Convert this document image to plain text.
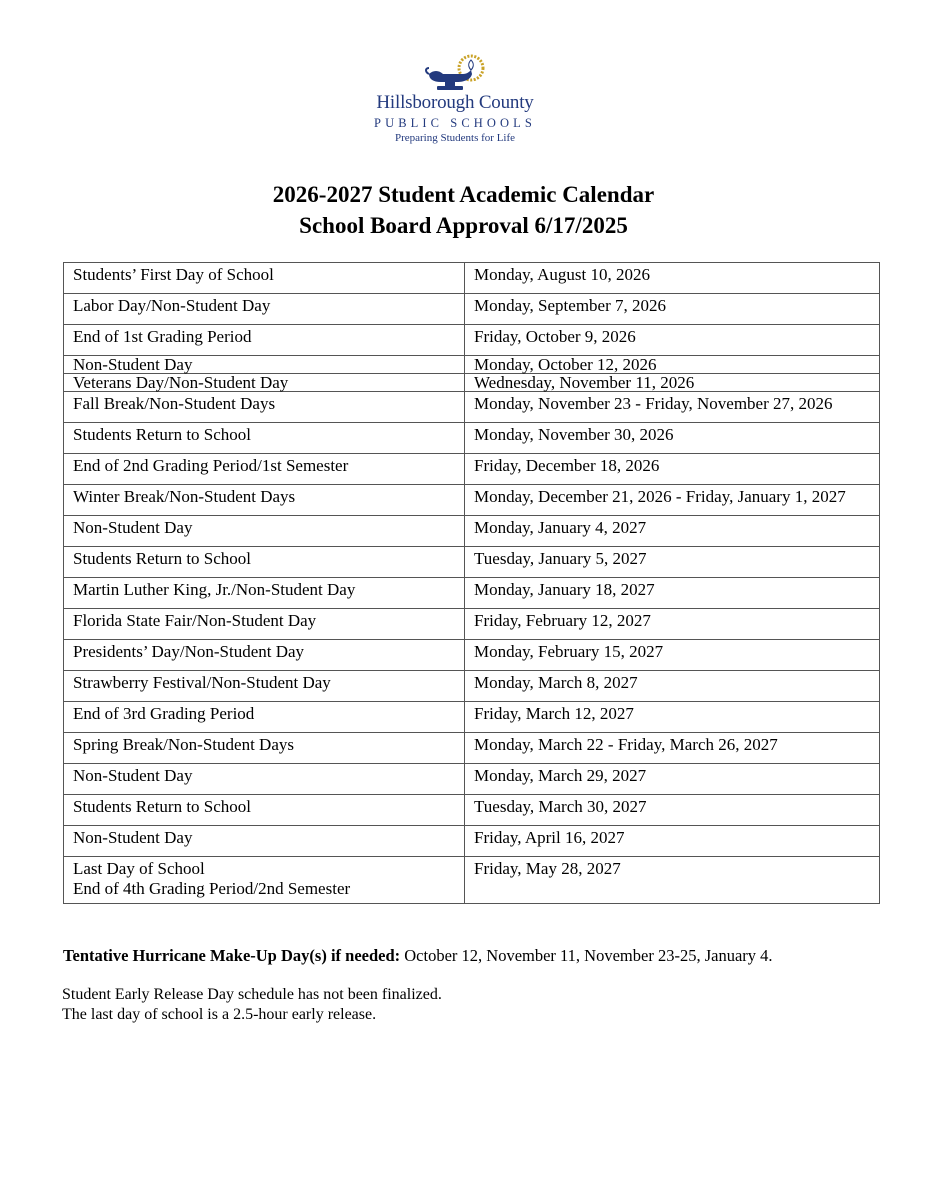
Hillsborough County
PUBLIC SCHOOLS
Preparing Students for Life
2026-2027 Student Academic Calendar
School Board Approval 6/17/2025
Students’ First Day of School	Monday, August 10, 2026
Labor Day/Non-Student Day	Monday, September 7, 2026
End of 1st Grading Period	Friday, October 9, 2026
Non-Student Day	Monday, October 12, 2026
Veterans Day/Non-Student Day	Wednesday, November 11, 2026
Fall Break/Non-Student Days	Monday, November 23 - Friday, November 27, 2026
Students Return to School	Monday, November 30, 2026
End of 2nd Grading Period/1st Semester	Friday, December 18, 2026
Winter Break/Non-Student Days	Monday, December 21, 2026 - Friday, January 1, 2027
Non-Student Day	Monday, January 4, 2027
Students Return to School	Tuesday, January 5, 2027
Martin Luther King, Jr./Non-Student Day	Monday, January 18, 2027
Florida State Fair/Non-Student Day	Friday, February 12, 2027
Presidents’ Day/Non-Student Day	Monday, February 15, 2027
Strawberry Festival/Non-Student Day	Monday, March 8, 2027
End of 3rd Grading Period	Friday, March 12, 2027
Spring Break/Non-Student Days	Monday, March 22 - Friday, March 26, 2027
Non-Student Day	Monday, March 29, 2027
Students Return to School	Tuesday, March 30, 2027
Non-Student Day	Friday, April 16, 2027

Last Day of School
End of 4th Grading Period/2nd Semester	Friday, May 28, 2027
Tentative Hurricane Make-Up Day(s) if needed: October 12, November 11, November 23-25, January 4.
Student Early Release Day schedule has not been finalized.
The last day of school is a 2.5-hour early release.
